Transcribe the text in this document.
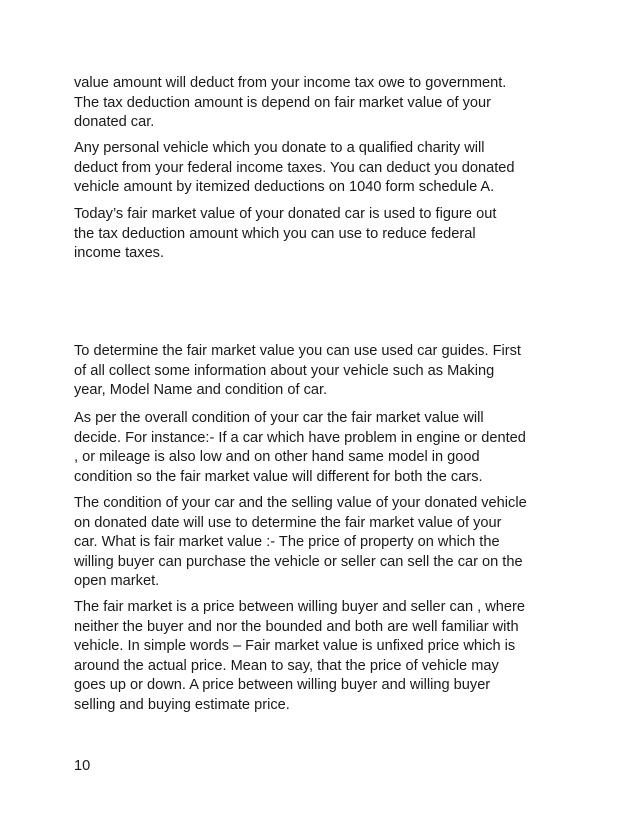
value amount will deduct from your income tax owe to government.
The tax deduction amount is depend on fair market value of your
donated car.
Any personal vehicle which you donate to a qualified charity will
deduct from your federal income taxes. You can deduct you donated
vehicle amount by itemized deductions on 1040 form schedule A.
Today’s fair market value of your donated car is used to figure out
the tax deduction amount which you can use to reduce federal
income taxes.
To determine the fair market value you can use used car guides. First
of all collect some information about your vehicle such as Making
year, Model Name and condition of car.
As per the overall condition of your car the fair market value will
decide. For instance:- If a car which have problem in engine or dented
, or mileage is also low and on other hand same model in good
condition so the fair market value will different for both the cars.
The condition of your car and the selling value of your donated vehicle
on donated date will use to determine the fair market value of your
car. What is fair market value :- The price of property on which the
willing buyer can purchase the vehicle or seller can sell the car on the
open market.
The fair market is a price between willing buyer and seller can , where
neither the buyer and nor the bounded and both are well familiar with
vehicle. In simple words – Fair market value is unfixed price which is
around the actual price. Mean to say, that the price of vehicle may
goes up or down. A price between willing buyer and willing buyer
selling and buying estimate price.
10
